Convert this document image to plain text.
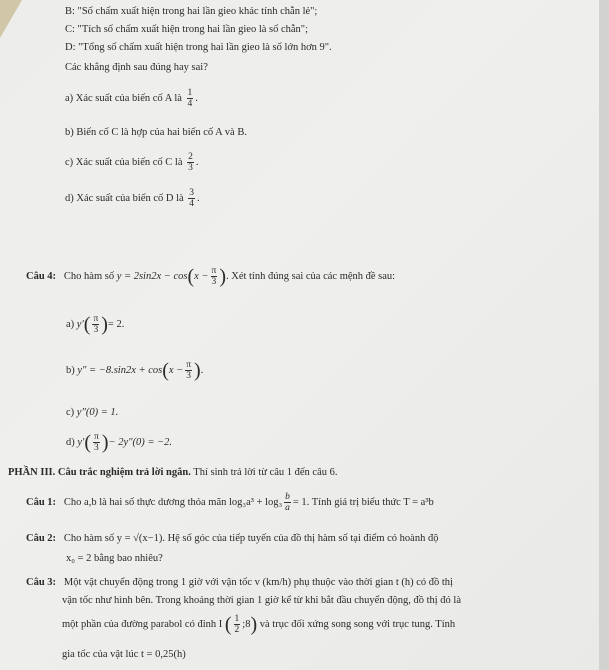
B: "Số chấm xuất hiện trong hai lần gieo khác tính chẵn lẻ";
C: "Tích số chấm xuất hiện trong hai lần gieo là số chẵn";
D: "Tổng số chấm xuất hiện trong hai lần gieo là số lớn hơn 9".
Các khẳng định sau đúng hay sai?
a) Xác suất của biến cố A là $\frac{1}{4}$ .
b) Biến cố C là hợp của hai biến cố A và B.
c) Xác suất của biến cố C là $\frac{2}{3}$ .
d) Xác suất của biến cố D là $\frac{3}{4}$ .
Câu 4: Cho hàm số $y = 2\sin 2x - \cos(x - \frac{\pi}{3}$ ). Xét tính đúng sai của các mệnh đề sau:
a) $y'( \frac{\pi}{3}$ )= 2.
b) $y'' = -8.\sin 2x + \cos(x - \frac{\pi}{3}$ ).
c) y″(0) = 1.
d) $y'( \frac{\pi}{3}$ )− 2y″(0) = −2.
PHẦN III. Câu trắc nghiệm trả lời ngắn. Thí sinh trả lời từ câu 1 đến câu 6.
Câu 1: Cho a,b là hai số thực dương thỏa mãn $\log_3a^3 + \log_3 \frac{b}{a} = 1$. Tính giá trị biểu thức T = a³b
Câu 2: Cho hàm số y = √(x−1). Hệ số góc của tiếp tuyến của đồ thị hàm số tại điểm có hoành độ
x₀ = 2 bằng bao nhiêu?
Câu 3: Một vật chuyển động trong 1 giờ với vận tốc v (km/h) phụ thuộc vào thời gian t (h) có đồ thị
vận tốc như hình bên. Trong khoảng thời gian 1 giờ kể từ khi bắt đầu chuyển động, đồ thị đó là
một phần của đường parabol có đỉnh I ( $\frac{1}{2}$ ;8) và trục đối xứng song song với trục tung. Tính
gia tốc của vật lúc t = 0,25(h)
